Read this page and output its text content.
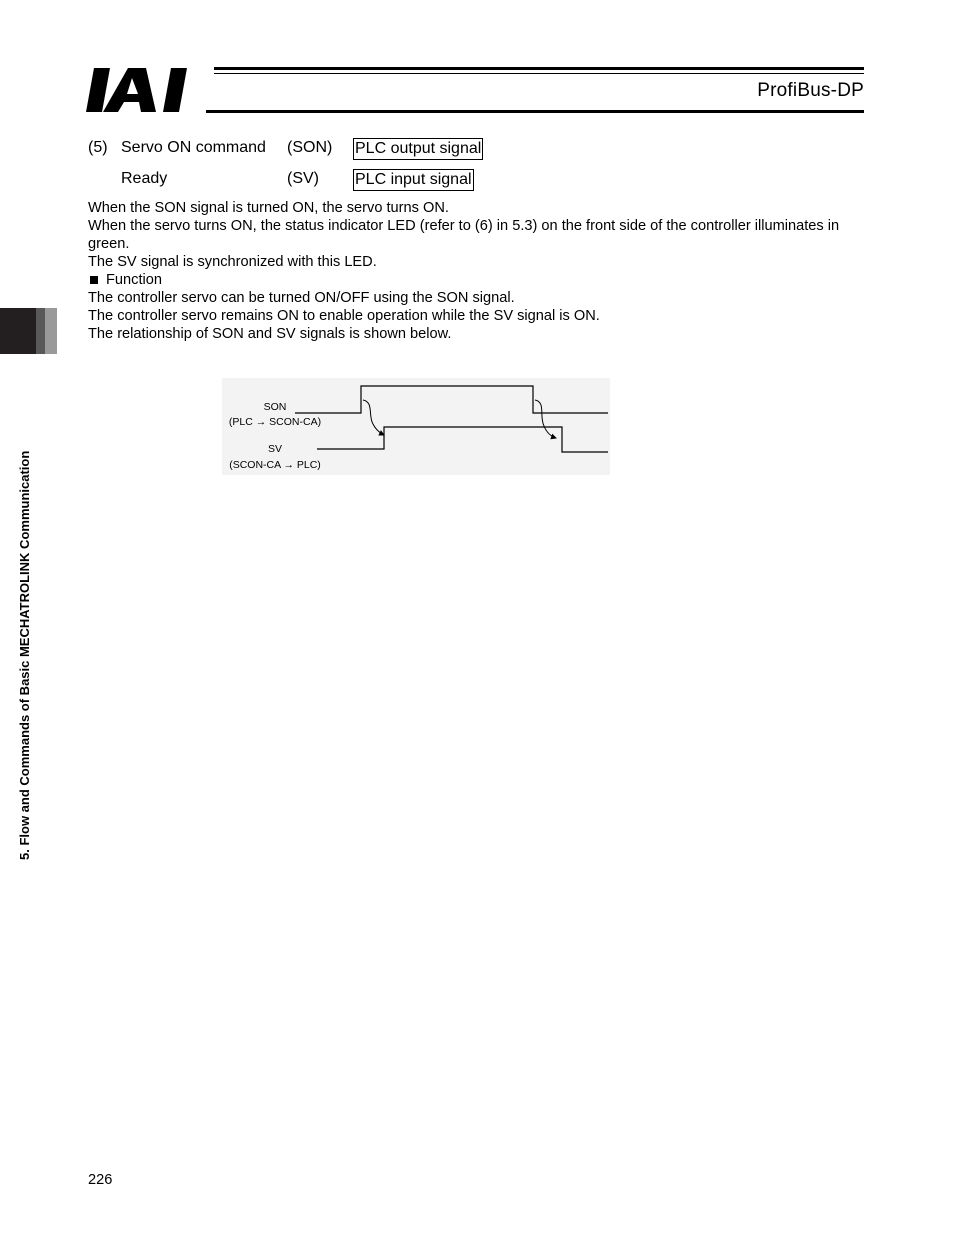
ProfiBus-DP
5. Flow and Commands of Basic MECHATROLINK Communication
(5) Servo ON command (SON) PLC output signal
Ready	(SV) PLC input signal

When the SON signal is turned ON, the servo turns ON.

When the servo turns ON, the status indicator LED (refer to (6) in 5.3) on the front side of the controller illuminates in green.

The SV signal is synchronized with this LED.

Function

The controller servo can be turned ON/OFF using the SON signal.

The controller servo remains ON to enable operation while the SV signal is ON.

The relationship of SON and SV signals is shown below.

SON
(PLC → SCON-CA)
SV
(SCON-CA → PLC)
226
